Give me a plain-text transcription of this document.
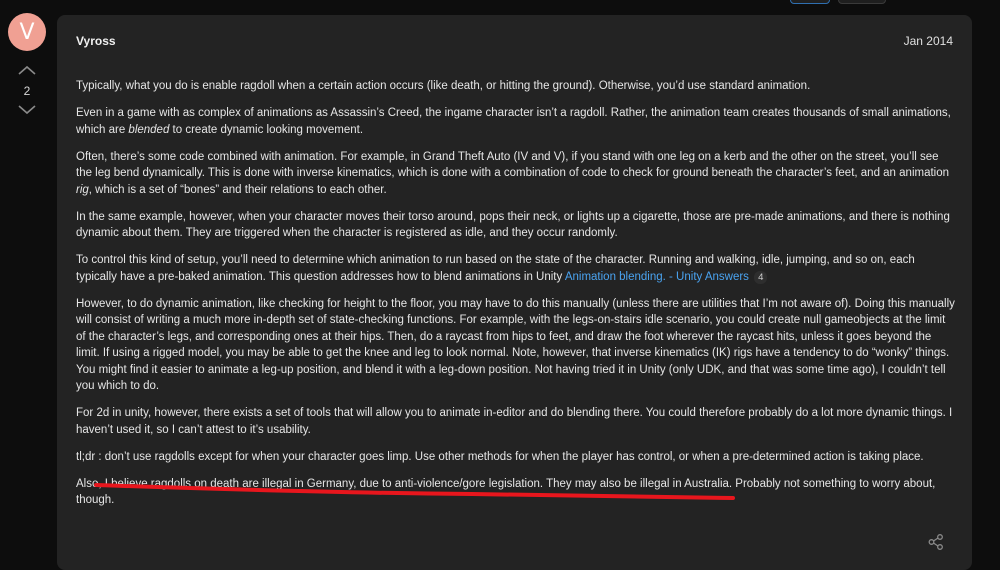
V
2
Vyross	Jan 2014

Typically, what you do is enable ragdoll when a certain action occurs (like death, or hitting the ground). Otherwise, you’d use standard animation.

Even in a game with as complex of animations as Assassin’s Creed, the ingame character isn’t a ragdoll. Rather, the animation team creates thousands of small animations, which are blended to create dynamic looking movement.

Often, there’s some code combined with animation. For example, in Grand Theft Auto (IV and V), if you stand with one leg on a kerb and the other on the street, you’ll see the leg bend dynamically. This is done with inverse kinematics, which is done with a combination of code to check for ground beneath the character’s feet, and an animation rig, which is a set of “bones” and their relations to each other.

In the same example, however, when your character moves their torso around, pops their neck, or lights up a cigarette, those are pre-made animations, and there is nothing dynamic about them. They are triggered when the character is registered as idle, and they occur randomly.

To control this kind of setup, you’ll need to determine which animation to run based on the state of the character. Running and walking, idle, jumping, and so on, each typically have a pre-baked animation. This question addresses how to blend animations in Unity Animation blending. - Unity Answers 4

However, to do dynamic animation, like checking for height to the floor, you may have to do this manually (unless there are utilities that I’m not aware of). Doing this manually will consist of writing a much more in-depth set of state-checking functions. For example, with the legs-on-stairs idle scenario, you could create null gameobjects at the limit of the character’s legs, and corresponding ones at their hips. Then, do a raycast from hips to feet, and draw the foot wherever the raycast hits, unless it goes beyond the limit. If using a rigged model, you may be able to get the knee and leg to look normal. Note, however, that inverse kinematics (IK) rigs have a tendency to do “wonky” things. You might find it easier to animate a leg-up position, and blend it with a leg-down position. Not having tried it in Unity (only UDK, and that was some time ago), I couldn’t tell you which to do.

For 2d in unity, however, there exists a set of tools that will allow you to animate in-editor and do blending there. You could therefore probably do a lot more dynamic things. I haven’t used it, so I can’t attest to it’s usability.

tl;dr : don’t use ragdolls except for when your character goes limp. Use other methods for when the player has control, or when a pre-determined action is taking place.

Also, I believe ragdolls on death are illegal in Germany, due to anti-violence/gore legislation. They may also be illegal in Australia. Probably not something to worry about, though.
